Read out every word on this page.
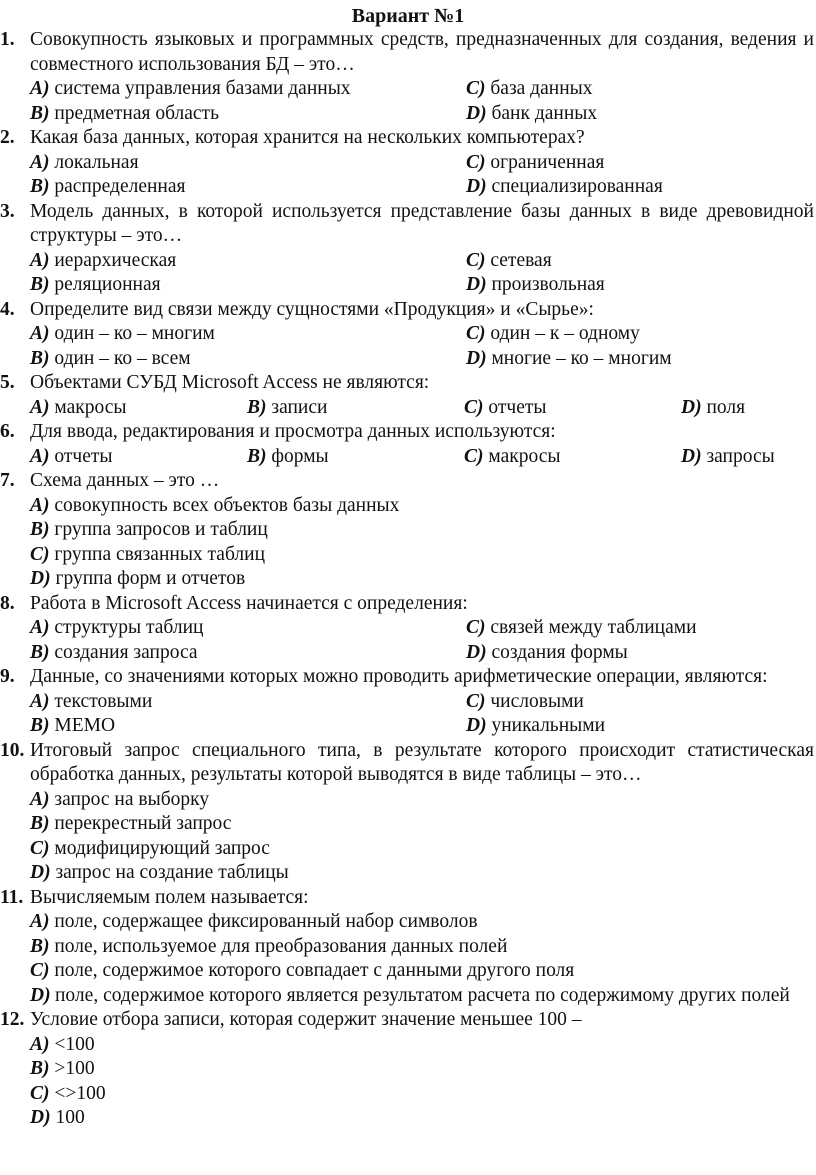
Вариант №1
1. Совокупность языковых и программных средств, предназначенных для создания, ведения и совместного использования БД – это…
A) система управления базами данных	C) база данных
B) предметная область	D) банк данных
2. Какая база данных, которая хранится на нескольких компьютерах?
A) локальная	C) ограниченная
B) распределенная	D) специализированная
3. Модель данных, в которой используется представление базы данных в виде древовидной структуры – это…
A) иерархическая	C) сетевая
B) реляционная	D) произвольная
4. Определите вид связи между сущностями «Продукция» и «Сырье»:
A) один – ко – многим	C) один – к – одному
B) один – ко – всем	D) многие – ко – многим
5. Объектами СУБД Microsoft Access не являются:
A) макросы	B) записи	C) отчеты	D) поля
6. Для ввода, редактирования и просмотра данных используются:
A) отчеты	B) формы	C) макросы	D) запросы
7. Схема данных – это …
A)
совокупность всех объектов базы данных
B)
группа запросов и таблиц
C)
группа связанных таблиц
D)
группа форм и отчетов
8. Работа в Microsoft Access начинается с определения:
A) структуры таблиц	C) связей между таблицами
B) создания запроса	D) создания формы
9. Данные, со значениями которых можно проводить арифметические операции, являются:
A) текстовыми	C) числовыми
B) МЕМО	D) уникальными
10. Итоговый запрос специального типа, в результате которого происходит статистическая обработка данных, результаты которой выводятся в виде таблицы – это…
A)
запрос на выборку
B)
перекрестный запрос
C)
модифицирующий запрос
D)
запрос на создание таблицы
11. Вычисляемым полем называется:
A)
поле, содержащее фиксированный набор символов
B)
поле, используемое для преобразования данных полей
C)
поле, содержимое которого совпадает с данными другого поля
D) поле, содержимое которого является результатом расчета по содержимому других полей
12. Условие отбора записи, которая содержит значение меньшее 100 –
A)
<100
B)
>100
C)
<>100
D)
100
